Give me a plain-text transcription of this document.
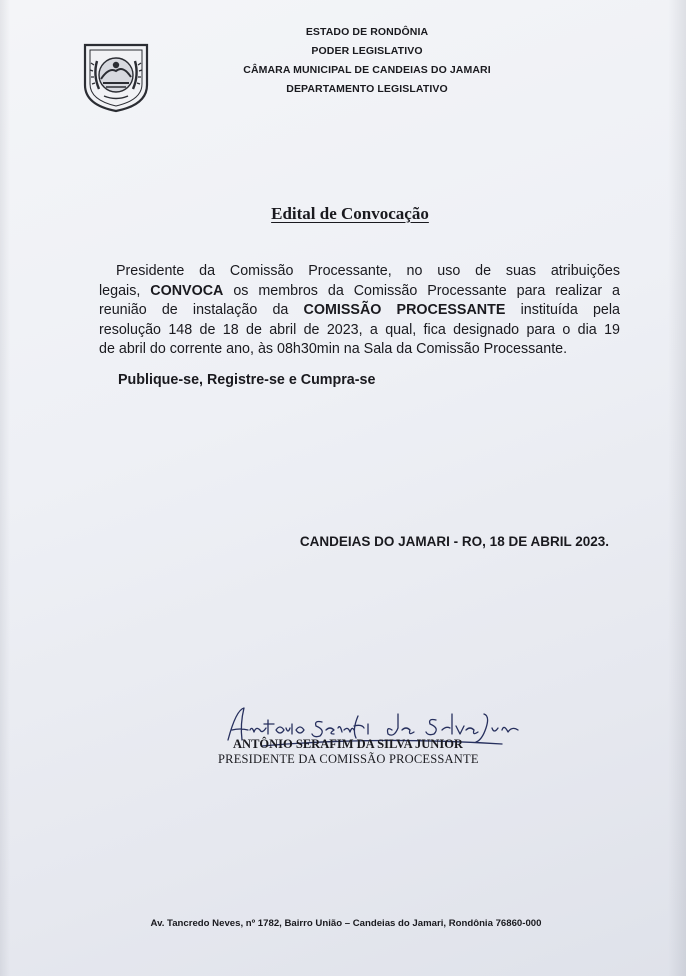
ESTADO DE RONDÔNIA
PODER LEGISLATIVO
CÂMARA MUNICIPAL DE CANDEIAS DO JAMARI
DEPARTAMENTO LEGISLATIVO
Edital de Convocação
Presidente da Comissão Processante, no uso de suas atribuições
legais, CONVOCA os membros da Comissão Processante para realizar a
reunião de instalação da COMISSÃO PROCESSANTE instituída pela
resolução 148 de 18 de abril de 2023, a qual, fica designado para o dia 19
de abril do corrente ano, às 08h30min na Sala da Comissão Processante.
Publique-se, Registre-se e Cumpra-se
CANDEIAS DO JAMARI - RO, 18 DE ABRIL 2023.
ANTÔNIO SERAFIM DA SILVA JUNIOR
PRESIDENTE DA COMISSÃO PROCESSANTE
Av. Tancredo Neves, nº 1782, Bairro União – Candeias do Jamari, Rondônia 76860-000
